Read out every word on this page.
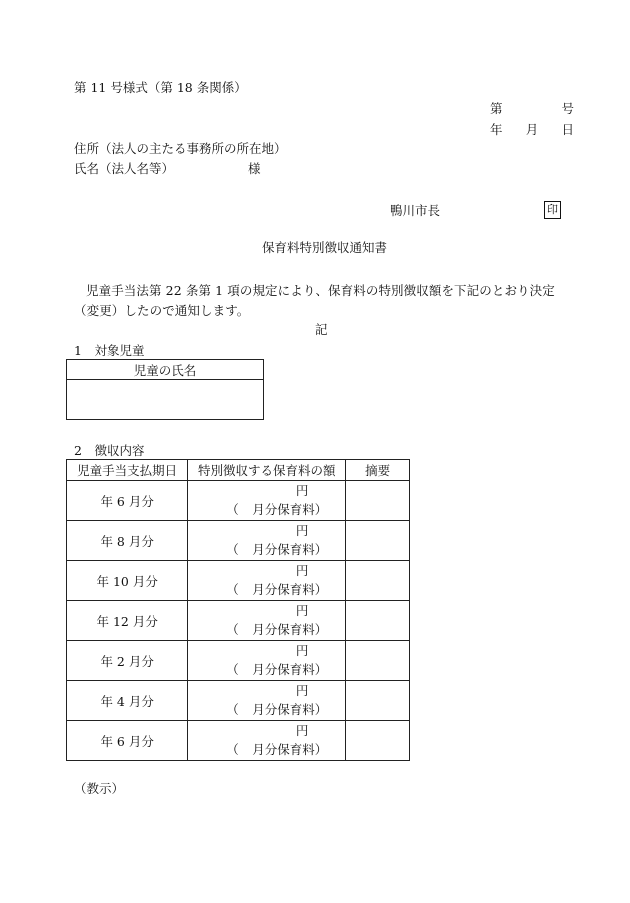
第 11 号様式（第 18 条関係）
第	号
年 月 日
住所（法人の主たる事務所の所在地）
氏名（法人名等）	様
鴨川市長	印
保育料特別徴収通知書
児童手当法第 22 条第 1 項の規定により、保育料の特別徴収額を下記のとおり決定（変更）したので通知します。
記
1　対象児童
児童の氏名

2　徴収内容
児童手当支払期日	特別徴収する保育料の額	摘要
年 6 月分	円
（ 月分保育料）	

年 8 月分	円
（ 月分保育料）	

年 10 月分	円
（ 月分保育料）	

年 12 月分	円
（ 月分保育料）	

年 2 月分	円
（ 月分保育料）	

年 4 月分	円
（ 月分保育料）	

年 6 月分	円
（ 月分保育料）	

（教示）
